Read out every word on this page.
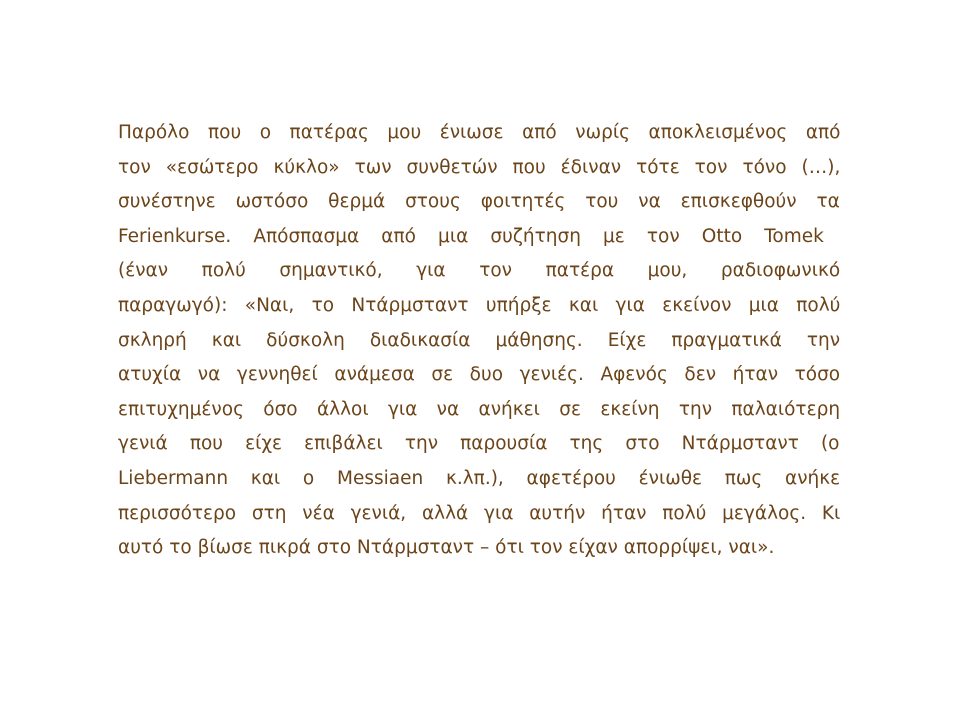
Παρόλο που ο πατέρας μου ένιωσε από νωρίς αποκλεισμένος από
τον «εσώτερο κύκλο» των συνθετών που έδιναν τότε τον τόνο (…),
συνέστηνε ωστόσο θερμά στους φοιτητές του να επισκεφθούν τα
Ferienkurse. Απόσπασμα από μια συζήτηση με τον Otto Tomek
(έναν πολύ σημαντικό, για τον πατέρα μου, ραδιοφωνικό
παραγωγό): «Ναι, το Ντάρμσταντ υπήρξε και για εκείνον μια πολύ
σκληρή και δύσκολη διαδικασία μάθησης. Είχε πραγματικά την
ατυχία να γεννηθεί ανάμεσα σε δυο γενιές. Αφενός δεν ήταν τόσο
επιτυχημένος όσο άλλοι για να ανήκει σε εκείνη την παλαιότερη
γενιά που είχε επιβάλει την παρουσία της στο Ντάρμσταντ (ο
Liebermann και ο Messiaen κ.λπ.), αφετέρου ένιωθε πως ανήκε
περισσότερο στη νέα γενιά, αλλά για αυτήν ήταν πολύ μεγάλος. Κι
αυτό το βίωσε πικρά στο Ντάρμσταντ – ότι τον είχαν απορρίψει, ναι».
